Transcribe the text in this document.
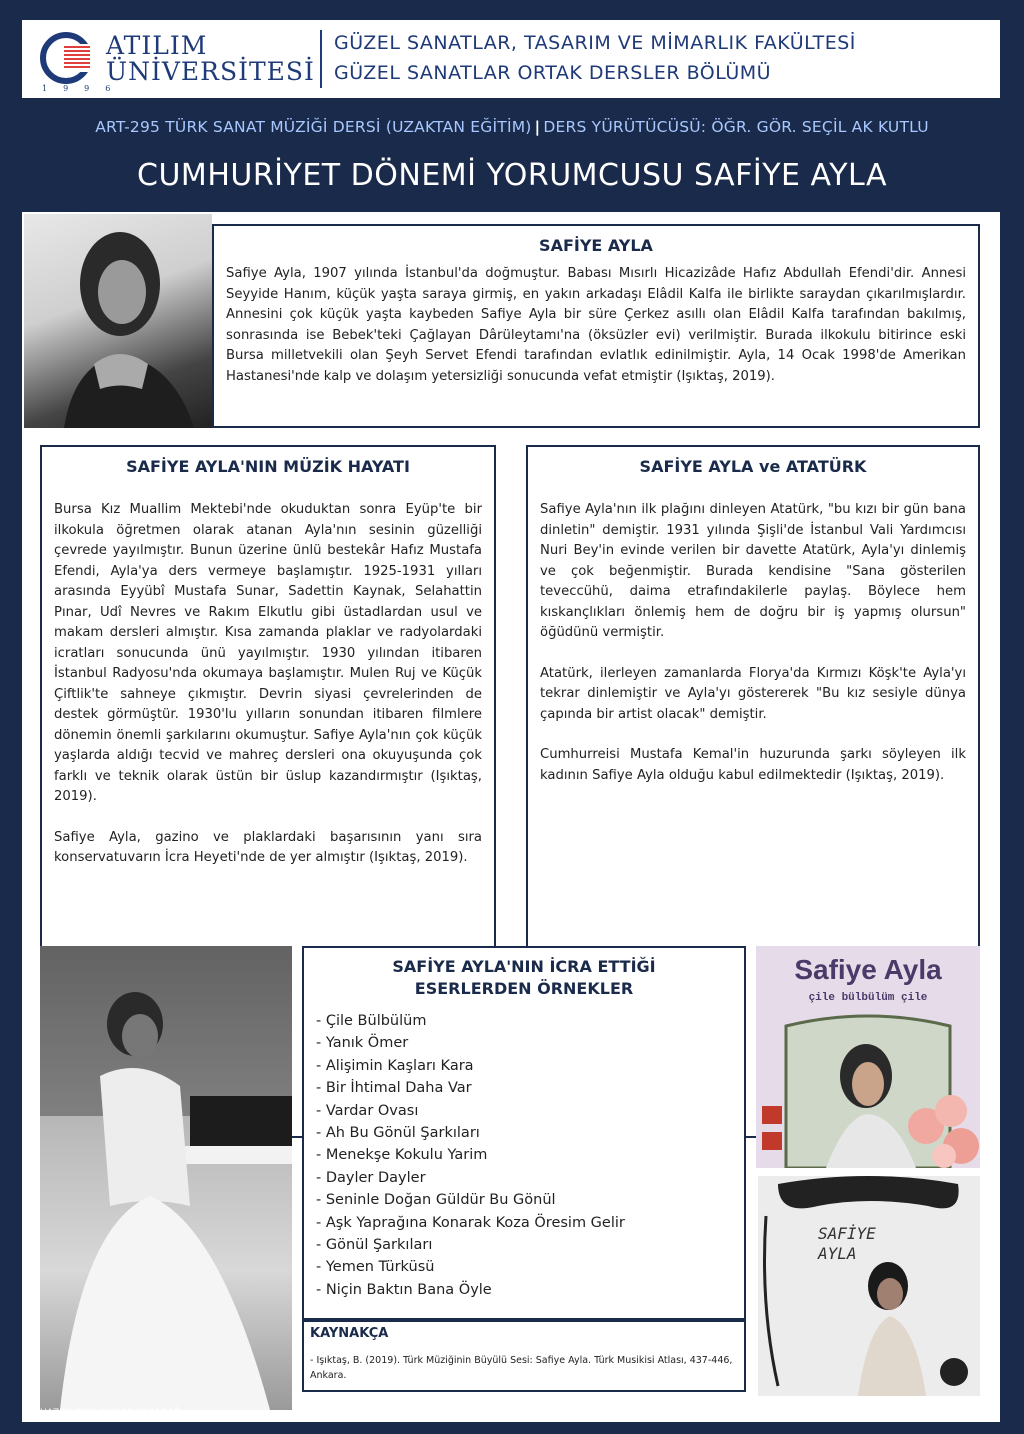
ATILIM
ÜNİVERSİTESİ
1996
GÜZEL SANATLAR, TASARIM VE MİMARLIK FAKÜLTESİ
GÜZEL SANATLAR ORTAK DERSLER BÖLÜMÜ
ART-295 TÜRK SANAT MÜZİĞİ DERSİ (UZAKTAN EĞİTİM) | DERS YÜRÜTÜCÜSÜ: ÖĞR. GÖR. SEÇİL AK KUTLU
CUMHURİYET DÖNEMİ YORUMCUSU SAFİYE AYLA
SAFİYE AYLA

Safiye Ayla, 1907 yılında İstanbul'da doğmuştur. Babası Mısırlı Hicazizâde Hafız Abdullah Efendi'dir. Annesi Seyyide Hanım, küçük yaşta saraya girmiş, en yakın arkadaşı Elâdil Kalfa ile birlikte saraydan çıkarılmışlardır. Annesini çok küçük yaşta kaybeden Safiye Ayla bir süre Çerkez asıllı olan Elâdil Kalfa tarafından bakılmış, sonrasında ise Bebek'teki Çağlayan Dârüleytamı'na (öksüzler evi) verilmiştir. Burada ilkokulu bitirince eski Bursa milletvekili olan Şeyh Servet Efendi tarafından evlatlık edinilmiştir. Ayla, 14 Ocak 1998'de Amerikan Hastanesi'nde kalp ve dolaşım yetersizliği sonucunda vefat etmiştir (Işıktaş, 2019).

SAFİYE AYLA'NIN MÜZİK HAYATI

Bursa Kız Muallim Mektebi'nde okuduktan sonra Eyüp'te bir ilkokula öğretmen olarak atanan Ayla'nın sesinin güzelliği çevrede yayılmıştır. Bunun üzerine ünlü bestekâr Hafız Mustafa Efendi, Ayla'ya ders vermeye başlamıştır. 1925-1931 yılları arasında Eyyübî Mustafa Sunar, Sadettin Kaynak, Selahattin Pınar, Udî Nevres ve Rakım Elkutlu gibi üstadlardan usul ve makam dersleri almıştır. Kısa zamanda plaklar ve radyolardaki icratları sonucunda ünü yayılmıştır. 1930 yılından itibaren İstanbul Radyosu'nda okumaya başlamıştır. Mulen Ruj ve Küçük Çiftlik'te sahneye çıkmıştır. Devrin siyasi çevrelerinden de destek görmüştür. 1930'lu yılların sonundan itibaren filmlere dönemin önemli şarkılarını okumuştur. Safiye Ayla'nın çok küçük yaşlarda aldığı tecvid ve mahreç dersleri ona okuyuşunda çok farklı ve teknik olarak üstün bir üslup kazandırmıştır (Işıktaş, 2019).

Safiye Ayla, gazino ve plaklardaki başarısının yanı sıra konservatuvarın İcra Heyeti'nde de yer almıştır (Işıktaş, 2019).

SAFİYE AYLA ve ATATÜRK

Safiye Ayla'nın ilk plağını dinleyen Atatürk, "bu kızı bir gün bana dinletin" demiştir. 1931 yılında Şişli'de İstanbul Vali Yardımcısı Nuri Bey'in evinde verilen bir davette Atatürk, Ayla'yı dinlemiş ve çok beğenmiştir. Burada kendisine "Sana gösterilen teveccühü, daima etrafındakilerle paylaş. Böylece hem kıskançlıkları önlemiş hem de doğru bir iş yapmış olursun" öğüdünü vermiştir.

Atatürk, ilerleyen zamanlarda Florya'da Kırmızı Köşk'te Ayla'yı tekrar dinlemiştir ve Ayla'yı göstererek "Bu kız sesiyle dünya çapında bir artist olacak" demiştir.

Cumhurreisi Mustafa Kemal'in huzurunda şarkı söyleyen ilk kadının Safiye Ayla olduğu kabul edilmektedir (Işıktaş, 2019).

SAFİYE AYLA'NIN İCRA ETTİĞİ
ESERLERDEN ÖRNEKLER
- Çile Bülbülüm
- Yanık Ömer
- Alişimin Kaşları Kara
- Bir İhtimal Daha Var
- Vardar Ovası
- Ah Bu Gönül Şarkıları
- Menekşe Kokulu Yarim
- Dayler Dayler
- Seninle Doğan Güldür Bu Gönül
- Aşk Yaprağına Konarak Koza Öresim Gelir
- Gönül Şarkıları
- Yemen Türküsü
- Niçin Baktın Bana Öyle
KAYNAKÇA
- Işıktaş, B. (2019). Türk Müziğinin Büyülü Sesi: Safiye Ayla. Türk Musikisi Atlası, 437-446, Ankara.
Safiye Ayla
çile bülbülüm çile
SAFİYE
AYLA
HAZIRLAYAN: HASAN KARADAĞ
